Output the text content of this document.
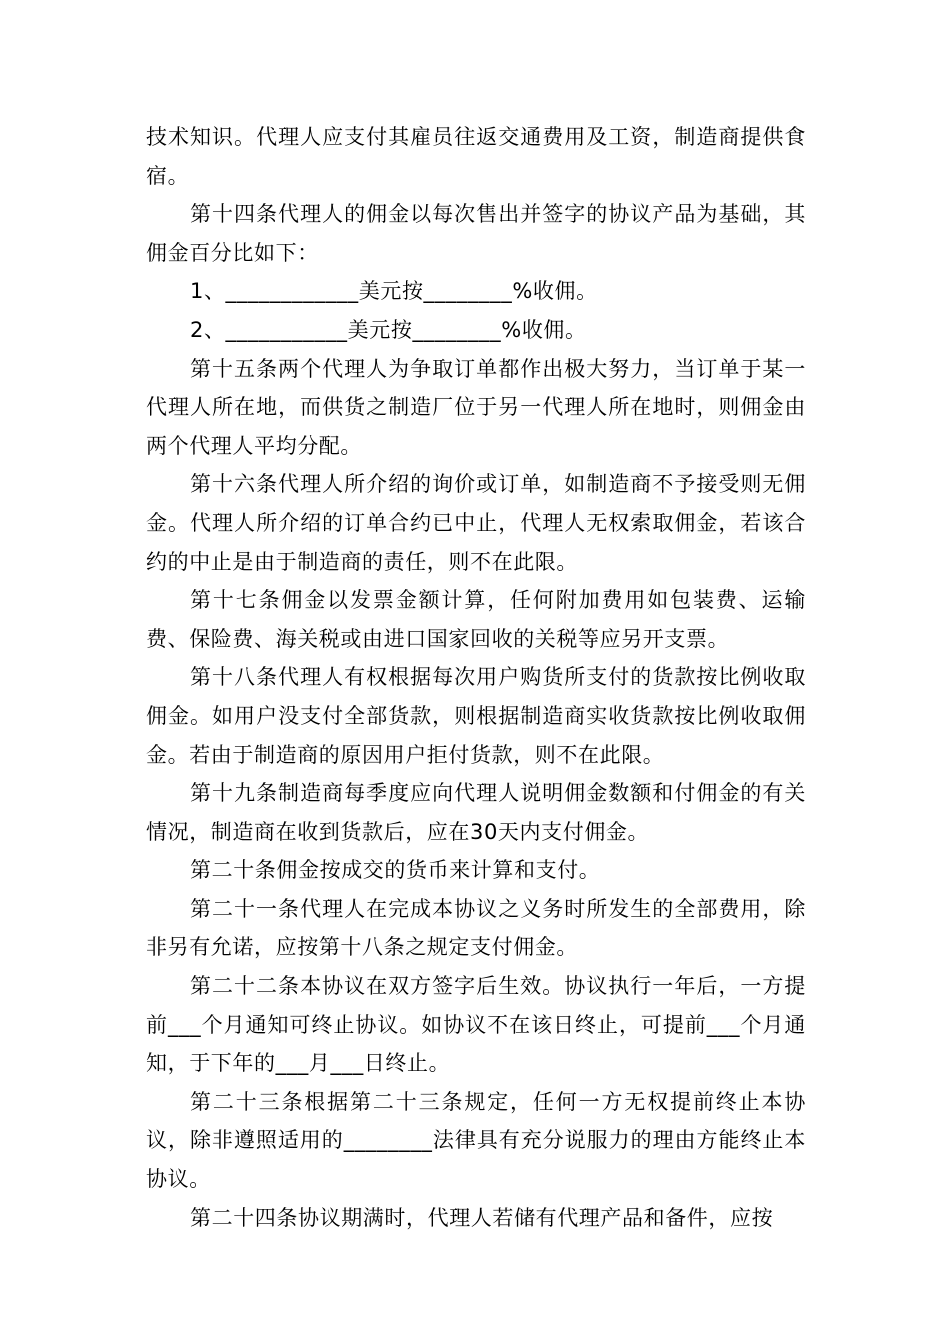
技术知识。代理人应支付其雇员往返交通费用及工资，制造商提供食宿。

第十四条代理人的佣金以每次售出并签字的协议产品为基础，其佣金百分比如下：

1、____________美元按________%收佣。

2、___________美元按________%收佣。

第十五条两个代理人为争取订单都作出极大努力，当订单于某一代理人所在地，而供货之制造厂位于另一代理人所在地时，则佣金由两个代理人平均分配。

第十六条代理人所介绍的询价或订单，如制造商不予接受则无佣金。代理人所介绍的订单合约已中止，代理人无权索取佣金，若该合约的中止是由于制造商的责任，则不在此限。

第十七条佣金以发票金额计算，任何附加费用如包装费、运输费、保险费、海关税或由进口国家回收的关税等应另开支票。

第十八条代理人有权根据每次用户购货所支付的货款按比例收取佣金。如用户没支付全部货款，则根据制造商实收货款按比例收取佣金。若由于制造商的原因用户拒付货款，则不在此限。

第十九条制造商每季度应向代理人说明佣金数额和付佣金的有关情况，制造商在收到货款后，应在30天内支付佣金。

第二十条佣金按成交的货币来计算和支付。

第二十一条代理人在完成本协议之义务时所发生的全部费用，除非另有允诺，应按第十八条之规定支付佣金。

第二十二条本协议在双方签字后生效。协议执行一年后，一方提前___个月通知可终止协议。如协议不在该日终止，可提前___个月通知，于下年的___月___日终止。

第二十三条根据第二十三条规定，任何一方无权提前终止本协议，除非遵照适用的________法律具有充分说服力的理由方能终止本协议。

第二十四条协议期满时，代理人若储有代理产品和备件，应按
